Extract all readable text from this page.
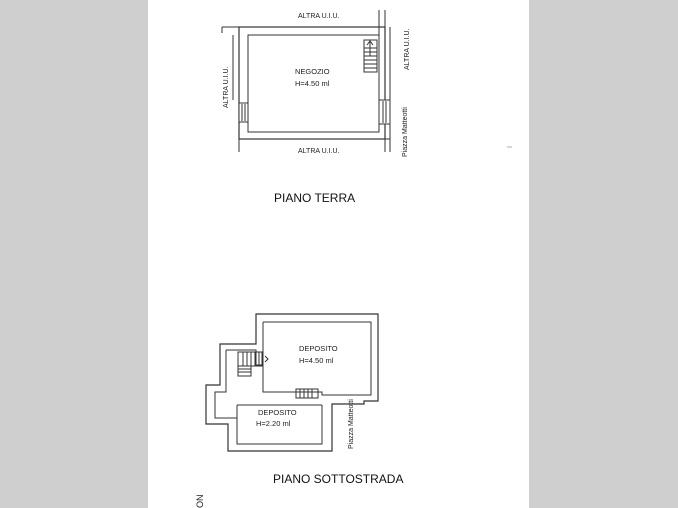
ALTRA U.I.U.
ALTRA U.I.U.
ALTRA U.I.U.
ALTRA U.I.U.
Piazza Matteotti
NEGOZIO
H=4.50 ml
PIANO TERRA
DEPOSITO
H=4.50 ml
DEPOSITO
H=2.20 ml	Piazza Matteotti
PIANO SOTTOSTRADA
ON
